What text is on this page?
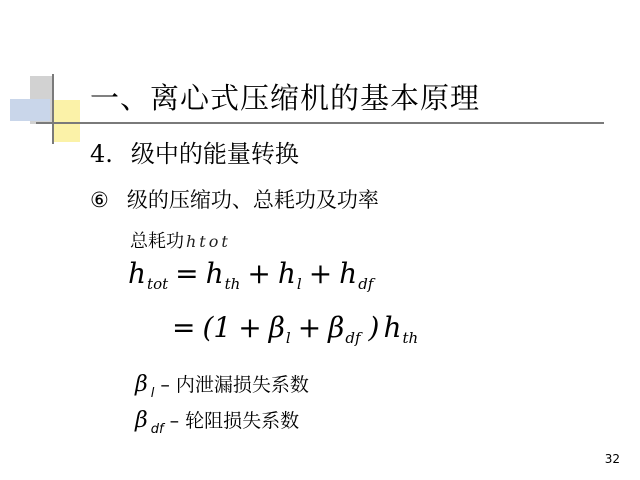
一、离心式压缩机的基本原理
4. 级中的能量转换
⑥ 级的压缩功、总耗功及功率
总耗功 htot
$h_{tot} = h_{th} + h_l + h_{df}$
= ($1 + \beta_l + \beta_{df}$ ) $h_{th}$
β $_l$ – 内泄漏损失系数
β $_{df}$ – 轮阻损失系数
32
